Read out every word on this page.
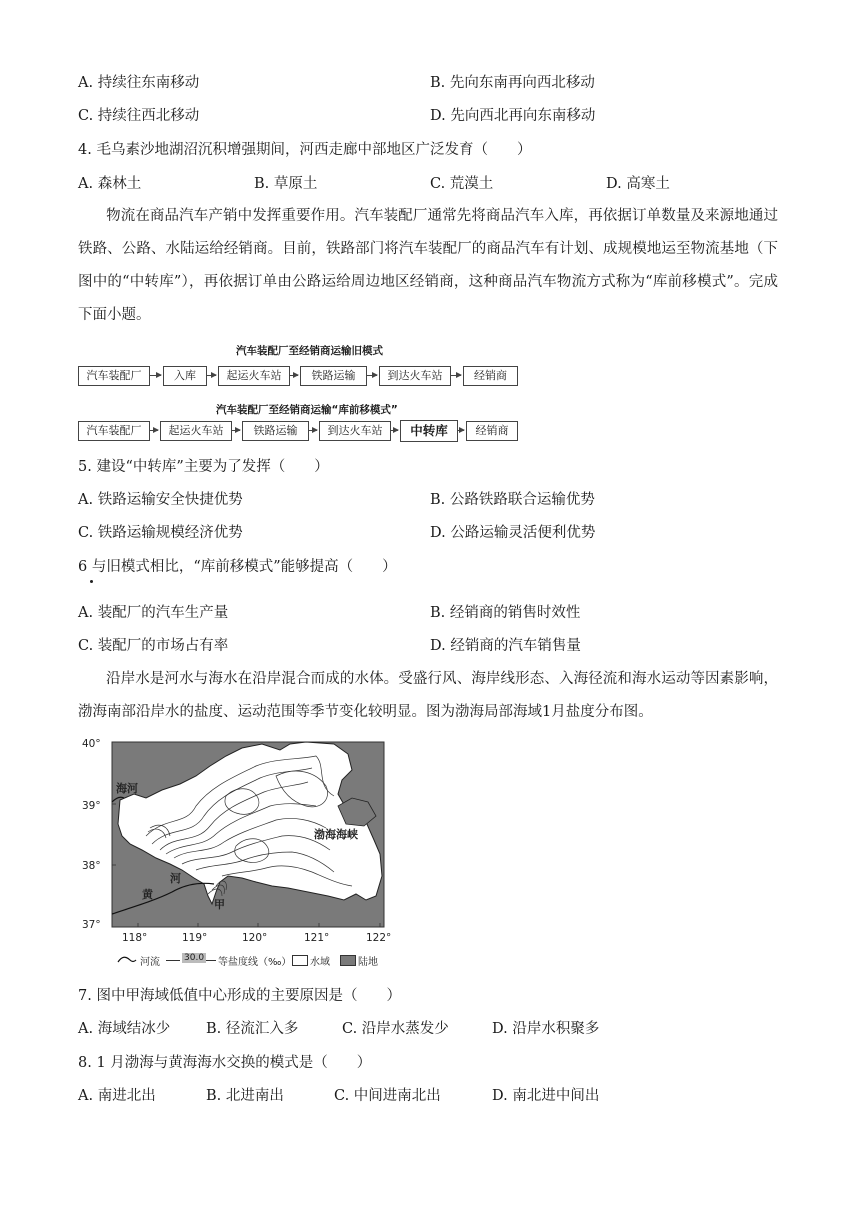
A. 持续往东南移动	B. 先向东南再向西北移动
C. 持续往西北移动	D. 先向西北再向东南移动
4. 毛乌素沙地湖沼沉积增强期间，河西走廊中部地区广泛发育（　　）
A. 森林土	B. 草原土	C. 荒漠土	D. 高寒土
物流在商品汽车产销中发挥重要作用。汽车装配厂通常先将商品汽车入库，再依据订单数量及来源地通过铁路、公路、水陆运给经销商。目前，铁路部门将汽车装配厂的商品汽车有计划、成规模地运至物流基地（下图中的“中转库”），再依据订单由公路运给周边地区经销商，这种商品汽车物流方式称为“库前移模式”。完成下面小题。
汽车装配厂至经销商运输旧模式
汽车装配厂	入库	起运火车站	铁路运输	到达火车站	经销商
汽车装配厂至经销商运输“库前移模式”
汽车装配厂	起运火车站	铁路运输	到达火车站	中转库	经销商
5. 建设“中转库”主要为了发挥（　　）
A. 铁路运输安全快捷优势	B. 公路铁路联合运输优势
C. 铁路运输规模经济优势	D. 公路运输灵活便利优势
6 与旧模式相比，“库前移模式”能够提高（　　）
A. 装配厂的汽车生产量	B. 经销商的销售时效性
C. 装配厂的市场占有率	D. 经销商的汽车销售量
沿岸水是河水与海水在沿岸混合而成的水体。受盛行风、海岸线形态、入海径流和海水运动等因素影响，渤海南部沿岸水的盐度、运动范围等季节变化较明显。图为渤海局部海域1月盐度分布图。
40°
39°
38°
37°
海河
渤海海峡
黄
河
甲
118°	119°	120°	121°	122°
河流	30.0 等盐度线（‰） 水域	陆地
7. 图中甲海域低值中心形成的主要原因是（　　）
A. 海域结冰少 B. 径流汇入多	C. 沿岸水蒸发少	D. 沿岸水积聚多
8. 1 月渤海与黄海海水交换的模式是（　　）
A. 南进北出	B. 北进南出	C. 中间进南北出	D. 南北进中间出
